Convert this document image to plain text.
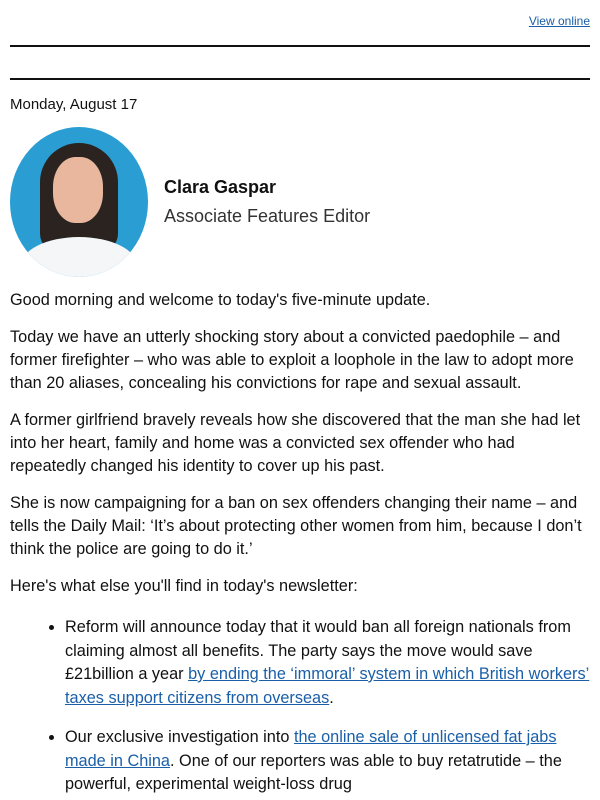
View online
Monday, August 17
Clara Gaspar
Associate Features Editor

Good morning and welcome to today's five-minute update.

Today we have an utterly shocking story about a convicted paedophile – and former firefighter – who was able to exploit a loophole in the law to adopt more than 20 aliases, concealing his convictions for rape and sexual assault.

A former girlfriend bravely reveals how she discovered that the man she had let into her heart, family and home was a convicted sex offender who had repeatedly changed his identity to cover up his past.

She is now campaigning for a ban on sex offenders changing their name – and tells the Daily Mail: ‘It’s about protecting other women from him, because I don’t think the police are going to do it.’

Here's what else you'll find in today's newsletter:

• Reform will announce today that it would ban all foreign nationals from claiming almost all benefits. The party says the move would save £21billion a year by ending the ‘immoral’ system in which British workers’ taxes support citizens from overseas.
• Our exclusive investigation into the online sale of unlicensed fat jabs made in China. One of our reporters was able to buy retatrutide – the powerful, experimental weight-loss drug
